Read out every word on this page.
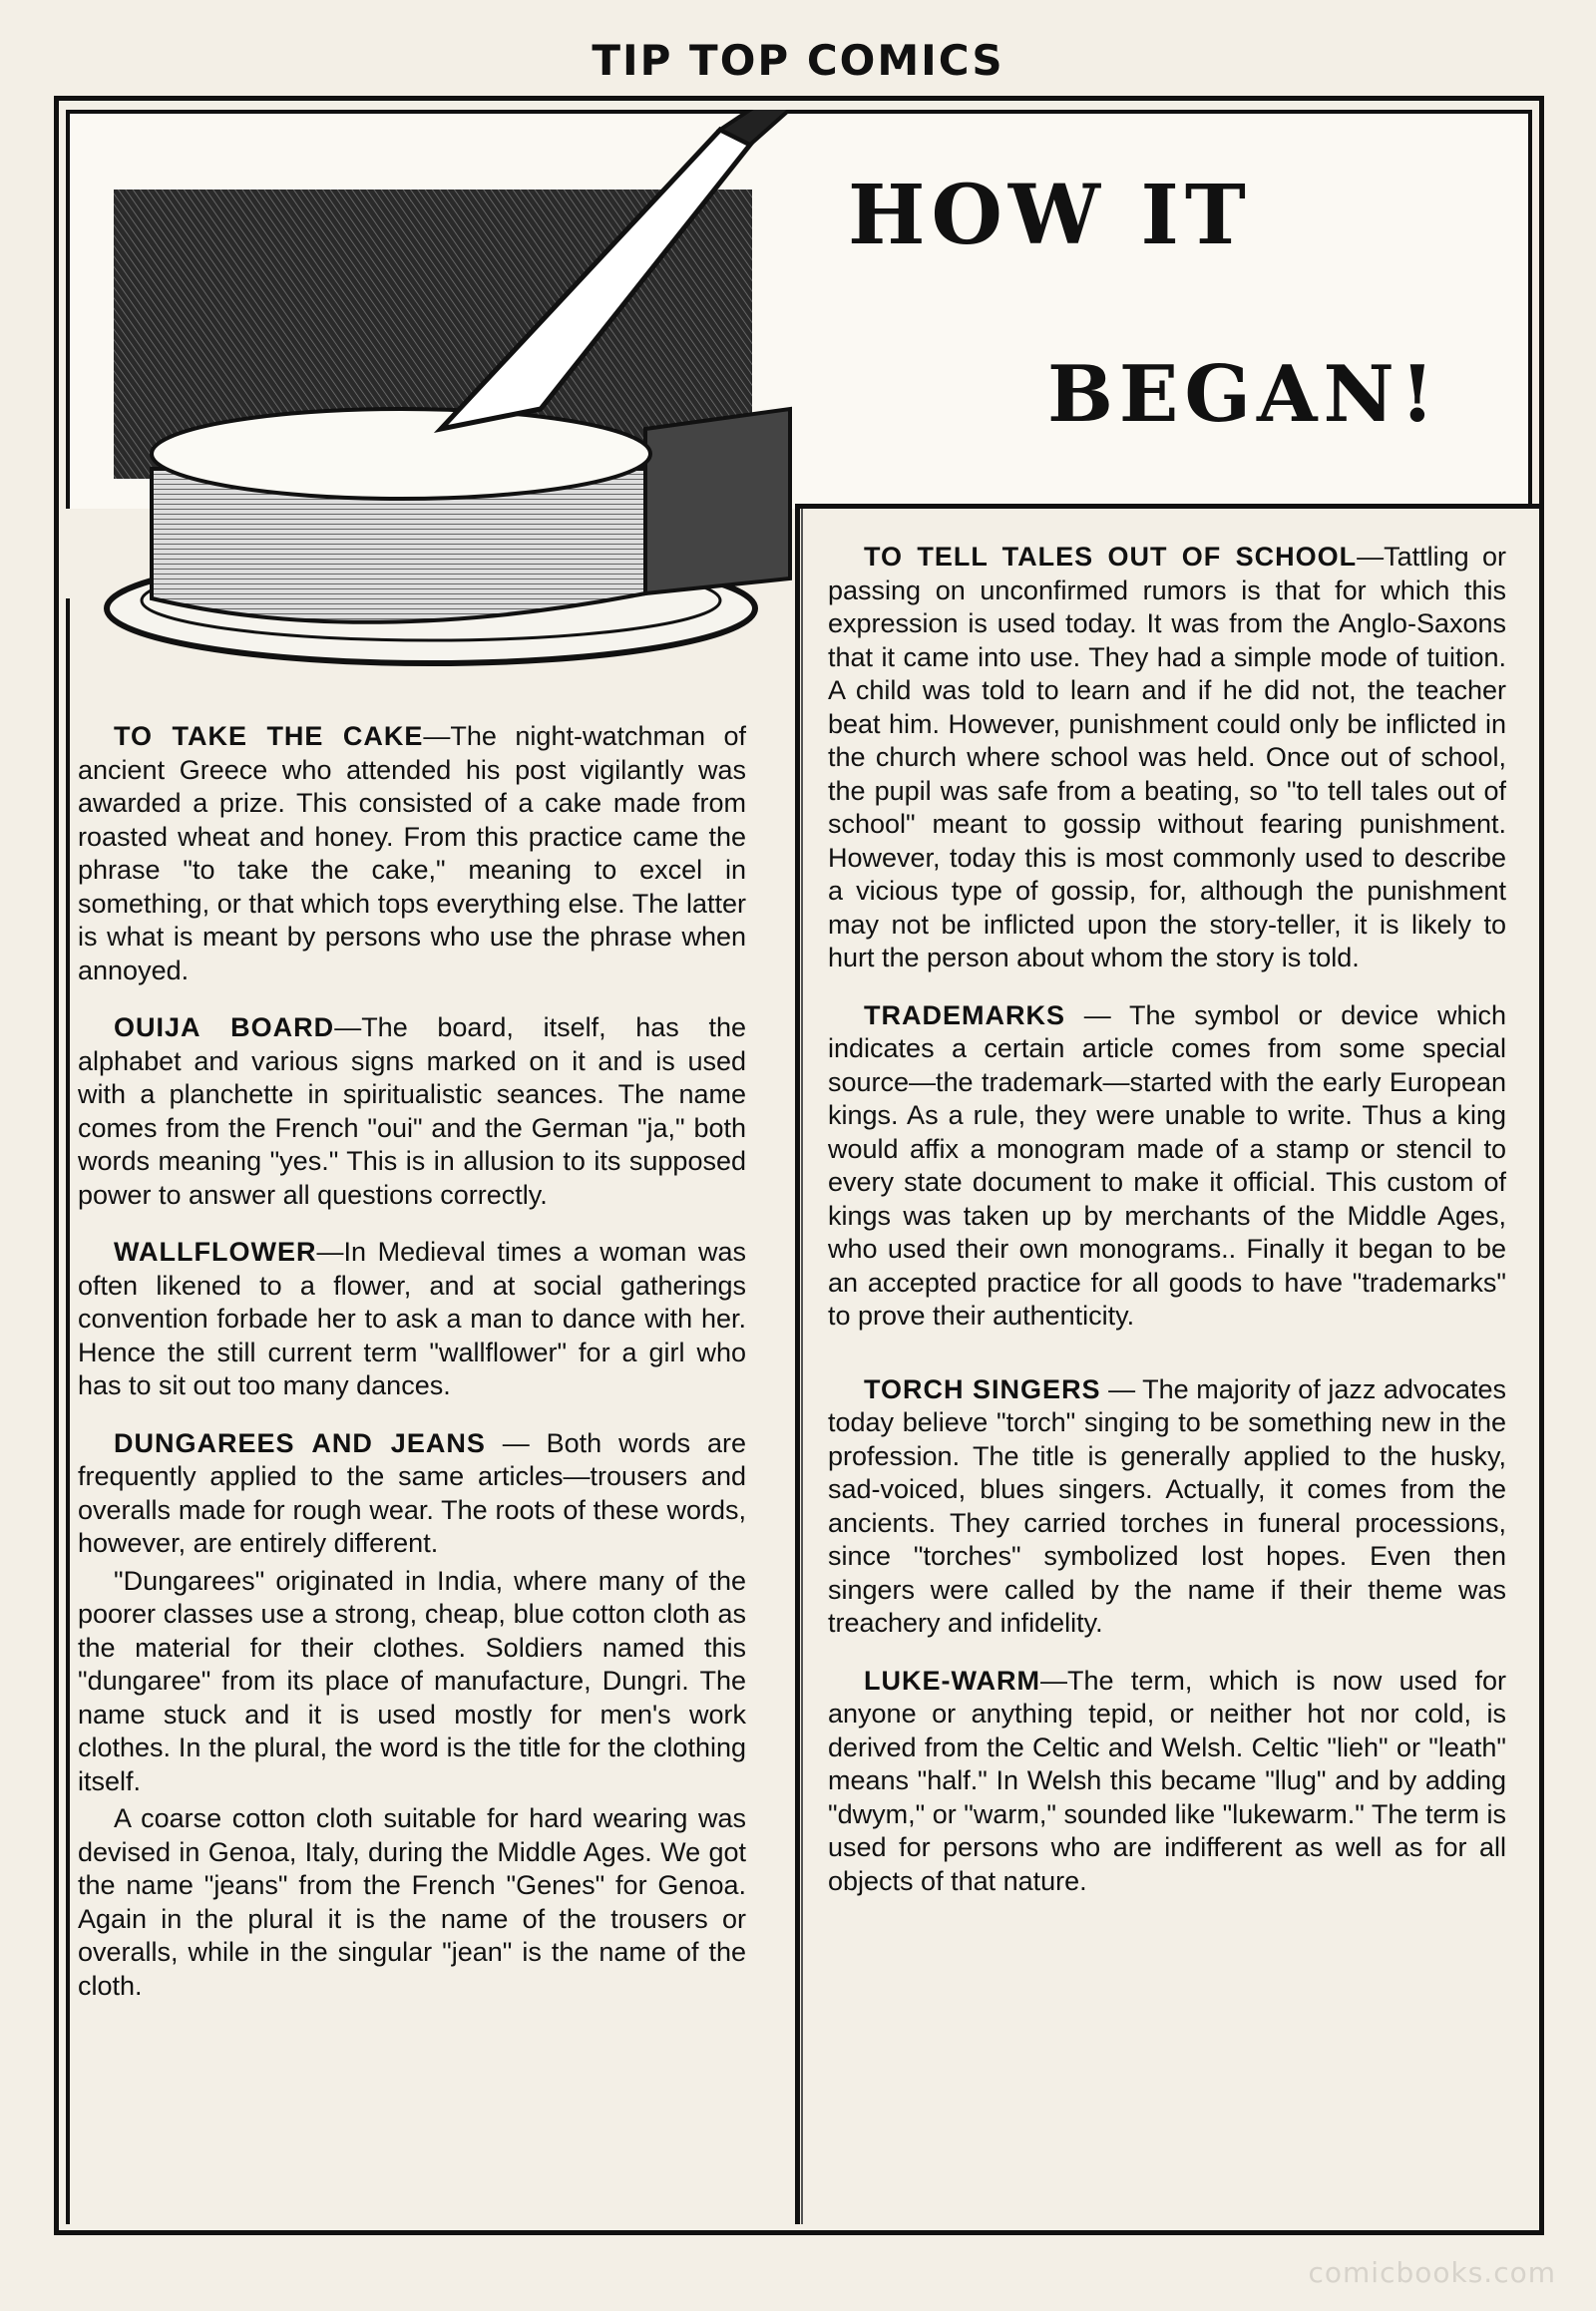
TIP TOP COMICS
HOW IT
BEGAN!

TO TAKE THE CAKE—The night-watchman of ancient Greece who attended his post vigilantly was awarded a prize. This consisted of a cake made from roasted wheat and honey. From this practice came the phrase "to take the cake," meaning to excel in something, or that which tops everything else. The latter is what is meant by persons who use the phrase when annoyed.

OUIJA BOARD—The board, itself, has the alphabet and various signs marked on it and is used with a planchette in spiritualistic seances. The name comes from the French "oui" and the German "ja," both words meaning "yes." This is in allusion to its supposed power to answer all questions correctly.

WALLFLOWER—In Medieval times a woman was often likened to a flower, and at social gatherings convention forbade her to ask a man to dance with her. Hence the still current term "wallflower" for a girl who has to sit out too many dances.

DUNGAREES AND JEANS — Both words are frequently applied to the same articles—trousers and overalls made for rough wear. The roots of these words, however, are entirely different.

"Dungarees" originated in India, where many of the poorer classes use a strong, cheap, blue cotton cloth as the material for their clothes. Soldiers named this "dungaree" from its place of manufacture, Dungri. The name stuck and it is used mostly for men's work clothes. In the plural, the word is the title for the clothing itself.

A coarse cotton cloth suitable for hard wearing was devised in Genoa, Italy, during the Middle Ages. We got the name "jeans" from the French "Genes" for Genoa. Again in the plural it is the name of the trousers or overalls, while in the singular "jean" is the name of the cloth.

TO TELL TALES OUT OF SCHOOL—Tattling or passing on unconfirmed rumors is that for which this expression is used today. It was from the Anglo-Saxons that it came into use. They had a simple mode of tuition. A child was told to learn and if he did not, the teacher beat him. However, punishment could only be inflicted in the church where school was held. Once out of school, the pupil was safe from a beating, so "to tell tales out of school" meant to gossip without fearing punishment. However, today this is most commonly used to describe a vicious type of gossip, for, although the punishment may not be inflicted upon the story-teller, it is likely to hurt the person about whom the story is told.

TRADEMARKS — The symbol or device which indicates a certain article comes from some special source—the trademark—started with the early European kings. As a rule, they were unable to write. Thus a king would affix a monogram made of a stamp or stencil to every state document to make it official. This custom of kings was taken up by merchants of the Middle Ages, who used their own monograms.. Finally it began to be an accepted practice for all goods to have "trademarks" to prove their authenticity.

TORCH SINGERS — The majority of jazz advocates today believe "torch" singing to be something new in the profession. The title is generally applied to the husky, sad-voiced, blues singers. Actually, it comes from the ancients. They carried torches in funeral processions, since "torches" symbolized lost hopes. Even then singers were called by the name if their theme was treachery and infidelity.

LUKE-WARM—The term, which is now used for anyone or anything tepid, or neither hot nor cold, is derived from the Celtic and Welsh. Celtic "lieh" or "leath" means "half." In Welsh this became "llug" and by adding "dwym," or "warm," sounded like "lukewarm." The term is used for persons who are indifferent as well as for all objects of that nature.

comicbooks.com
